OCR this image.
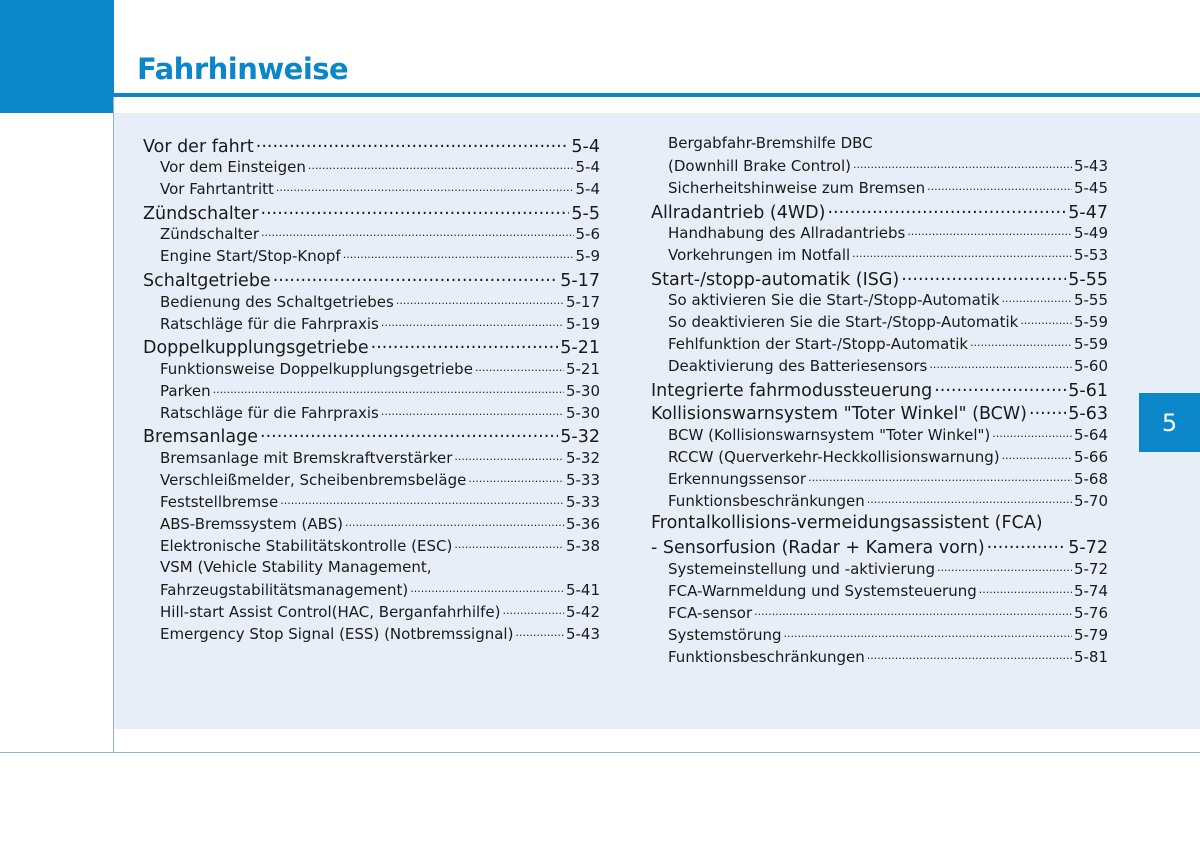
Fahrhinweise
5
Vor der fahrt .....	5-4
Vor dem Einsteigen .....	5-4
Vor Fahrtantritt .....	5-4
Zündschalter .....	5-5
Zündschalter .....	5-6
Engine Start/Stop-Knopf .....	5-9
Schaltgetriebe .....	5-17
Bedienung des Schaltgetriebes .....	5-17
Ratschläge für die Fahrpraxis .....	5-19
Doppelkupplungsgetriebe .....	5-21
Funktionsweise Doppelkupplungsgetriebe .....	5-21
Parken .....	5-30
Ratschläge für die Fahrpraxis .....	5-30
Bremsanlage .....	5-32
Bremsanlage mit Bremskraftverstärker .....	5-32
Verschleißmelder, Scheibenbremsbeläge .....	5-33
Feststellbremse .....	5-33
ABS-Bremssystem (ABS) .....	5-36
Elektronische Stabilitätskontrolle (ESC) .....	5-38
VSM (Vehicle Stability Management,
Fahrzeugstabilitätsmanagement) .....	5-41
Hill-start Assist Control(HAC, Berganfahrhilfe) .....	5-42
Emergency Stop Signal (ESS) (Notbremssignal) .....	5-43
Bergabfahr-Bremshilfe DBC
(Downhill Brake Control) .....	5-43
Sicherheitshinweise zum Bremsen .....	5-45
Allradantrieb (4WD) .....	5-47
Handhabung des Allradantriebs .....	5-49
Vorkehrungen im Notfall .....	5-53
Start-/stopp-automatik (ISG) .....	5-55
So aktivieren Sie die Start-/Stopp-Automatik .....	5-55
So deaktivieren Sie die Start-/Stopp-Automatik .....	5-59
Fehlfunktion der Start-/Stopp-Automatik .....	5-59
Deaktivierung des Batteriesensors .....	5-60
Integrierte fahrmodussteuerung .....	5-61
Kollisionswarnsystem "Toter Winkel" (BCW) ..... 5-63
BCW (Kollisionswarnsystem "Toter Winkel") .....	5-64
RCCW (Querverkehr-Heckkollisionswarnung) .....	5-66
Erkennungssensor .....	5-68
Funktionsbeschränkungen .....	5-70
Frontalkollisions-vermeidungsassistent (FCA)
- Sensorfusion (Radar + Kamera vorn) .....	5-72
Systemeinstellung und -aktivierung .....	5-72
FCA-Warnmeldung und Systemsteuerung .....	5-74
FCA-sensor .....	5-76
Systemstörung .....	5-79
Funktionsbeschränkungen .....	5-81
